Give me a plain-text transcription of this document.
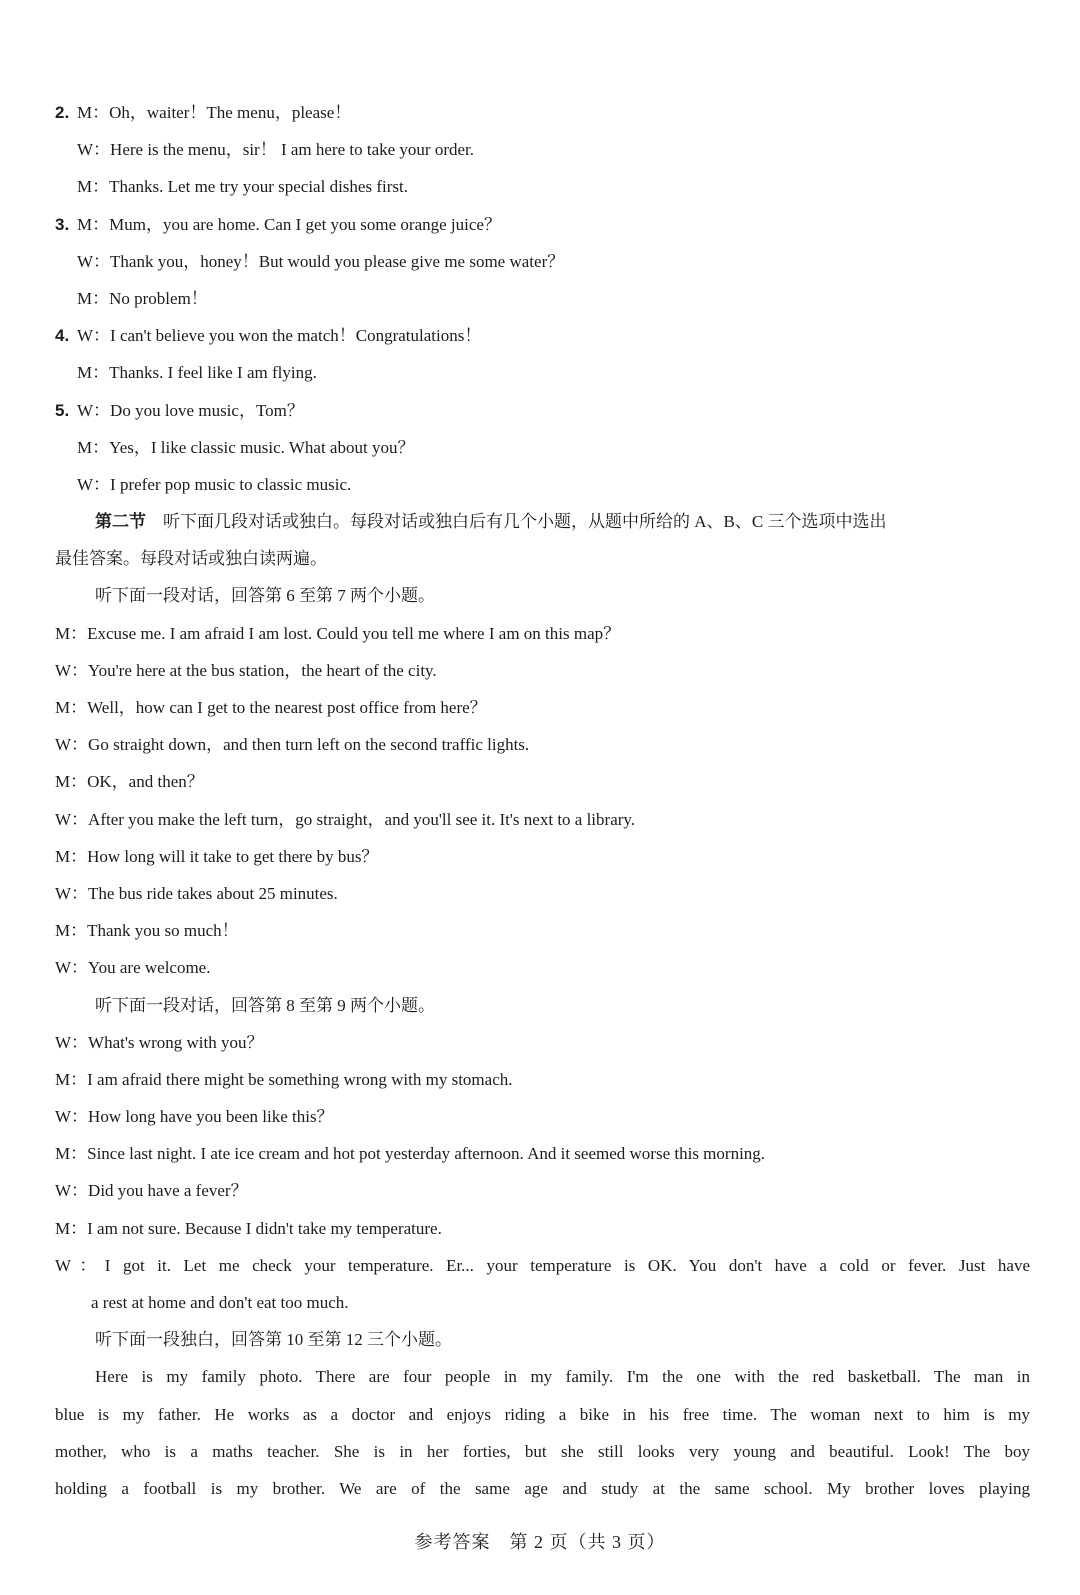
2. M：Oh，waiter！The menu，please！
W：Here is the menu，sir！ I am here to take your order.
M：Thanks. Let me try your special dishes first.
3. M：Mum，you are home. Can I get you some orange juice？
W：Thank you，honey！But would you please give me some water？
M：No problem！
4. W：I can't believe you won the match！Congratulations！
M：Thanks. I feel like I am flying.
5. W：Do you love music，Tom？
M：Yes，I like classic music. What about you？
W：I prefer pop music to classic music.
第二节　 听下面几段对话或独白。每段对话或独白后有几个小题，从题中所给的 A、B、C 三个选项中选出
最佳答案。每段对话或独白读两遍。
听下面一段对话，回答第 6 至第 7 两个小题。
M：Excuse me. I am afraid I am lost. Could you tell me where I am on this map？
W：You're here at the bus station，the heart of the city.
M：Well，how can I get to the nearest post office from here？
W：Go straight down，and then turn left on the second traffic lights.
M：OK，and then？
W：After you make the left turn，go straight，and you'll see it. It's next to a library.
M：How long will it take to get there by bus？
W：The bus ride takes about 25 minutes.
M：Thank you so much！
W：You are welcome.
听下面一段对话，回答第 8 至第 9 两个小题。
W：What's wrong with you？
M：I am afraid there might be something wrong with my stomach.
W：How long have you been like this？
M：Since last night. I ate ice cream and hot pot yesterday afternoon. And it seemed worse this morning.
W：Did you have a fever？
M：I am not sure. Because I didn't take my temperature.
W：I got it. Let me check your temperature. Er... your temperature is OK. You don't have a cold or fever. Just have
a rest at home and don't eat too much.
听下面一段独白，回答第 10 至第 12 三个小题。
Here is my family photo. There are four people in my family. I'm the one with the red basketball. The man in
blue is my father. He works as a doctor and enjoys riding a bike in his free time. The woman next to him is my
mother, who is a maths teacher. She is in her forties, but she still looks very young and beautiful. Look! The boy
holding a football is my brother. We are of the same age and study at the same school. My brother loves playing
参考答案　第 2 页（共 3 页）
